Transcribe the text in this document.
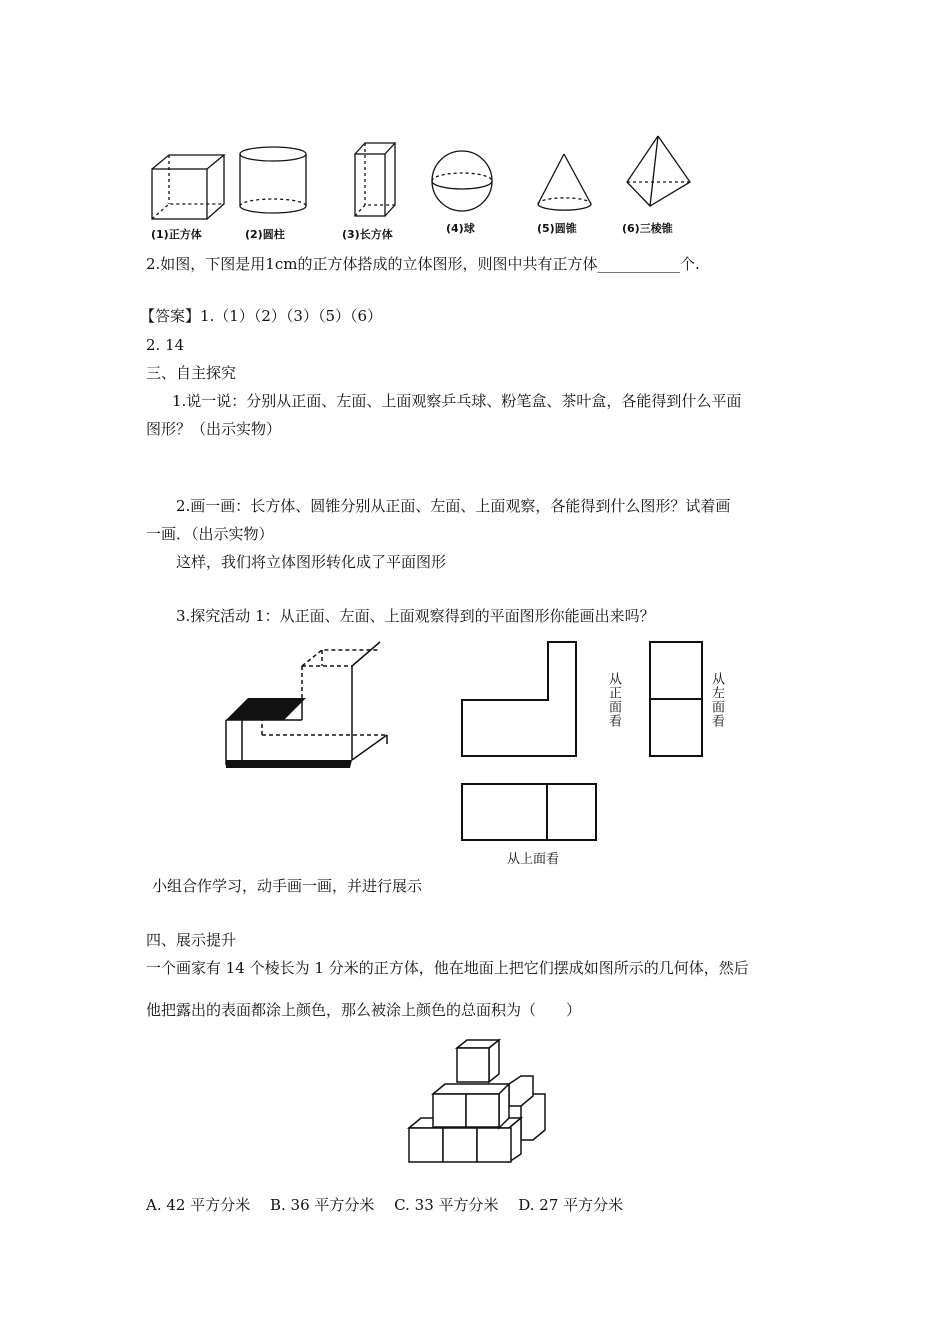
(1)正方体	(2)圆柱	(3)长方体	(4)球	(5)圆锥	(6)三棱锥
2.如图，下图是用1cm的正方体搭成的立体图形，则图中共有正方体___________个.
【答案】1.（1）（2）（3）（5）（6）
2. 14
三、自主探究
1.说一说：分别从正面、左面、上面观察乒乓球、粉笔盒、茶叶盒，各能得到什么平面
图形？（出示实物）
2.画一画：长方体、圆锥分别从正面、左面、上面观察，各能得到什么图形？试着画
一画．（出示实物）
这样，我们将立体图形转化成了平面图形
3.探究活动 1：从正面、左面、上面观察得到的平面图形你能画出来吗？
从正面看	从左面看
从上面看
小组合作学习，动手画一画，并进行展示
四、展示提升
一个画家有 14 个棱长为 1 分米的正方体，他在地面上把它们摆成如图所示的几何体，然后
他把露出的表面都涂上颜色，那么被涂上颜色的总面积为（　　）
A. 42 平方分米　 B. 36 平方分米　 C. 33 平方分米　 D. 27 平方分米
